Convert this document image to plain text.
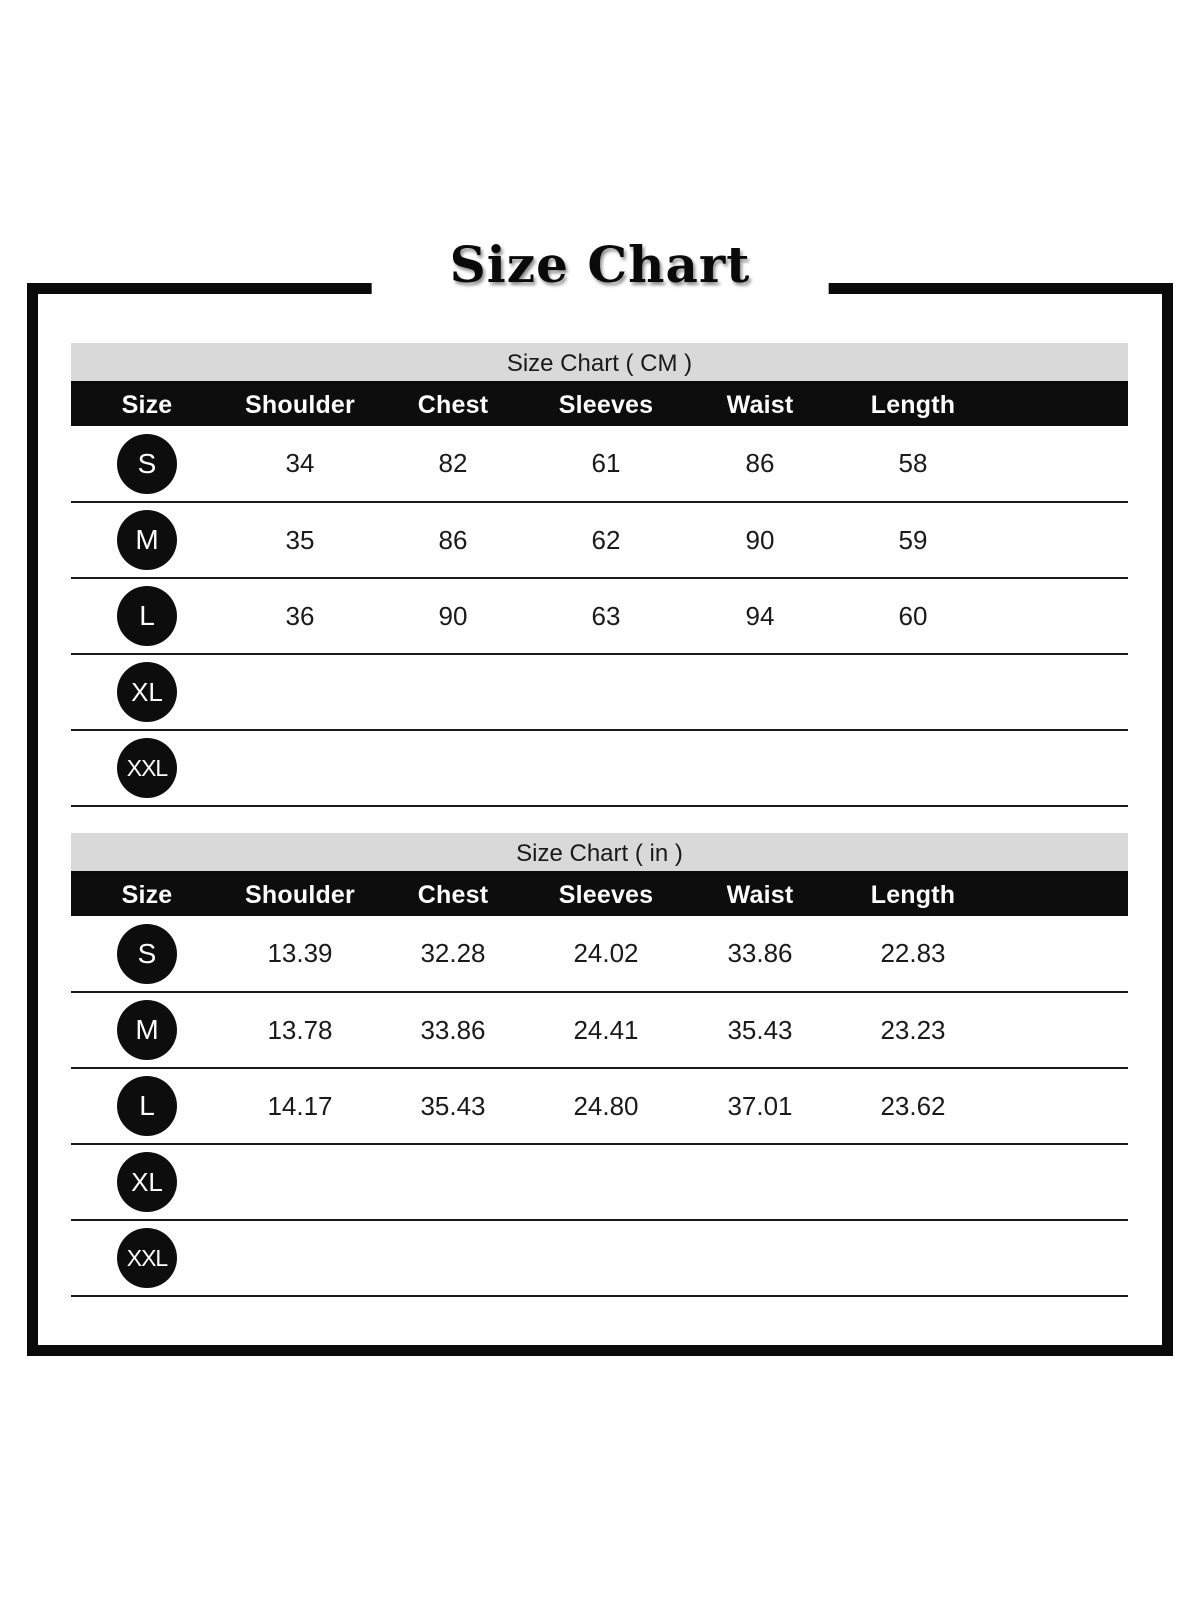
Size Chart
Size Chart ( CM )
Size	Shoulder	Chest	Sleeves	Waist	Length	
S	34	82	61	86	58	
M	35	86	62	90	59	
L	36	90	63	94	60	
XL						
XXL						
Size Chart ( in )
Size	Shoulder	Chest	Sleeves	Waist	Length	
S	13.39	32.28	24.02	33.86	22.83	
M	13.78	33.86	24.41	35.43	23.23	
L	14.17	35.43	24.80	37.01	23.62	
XL						
XXL						
